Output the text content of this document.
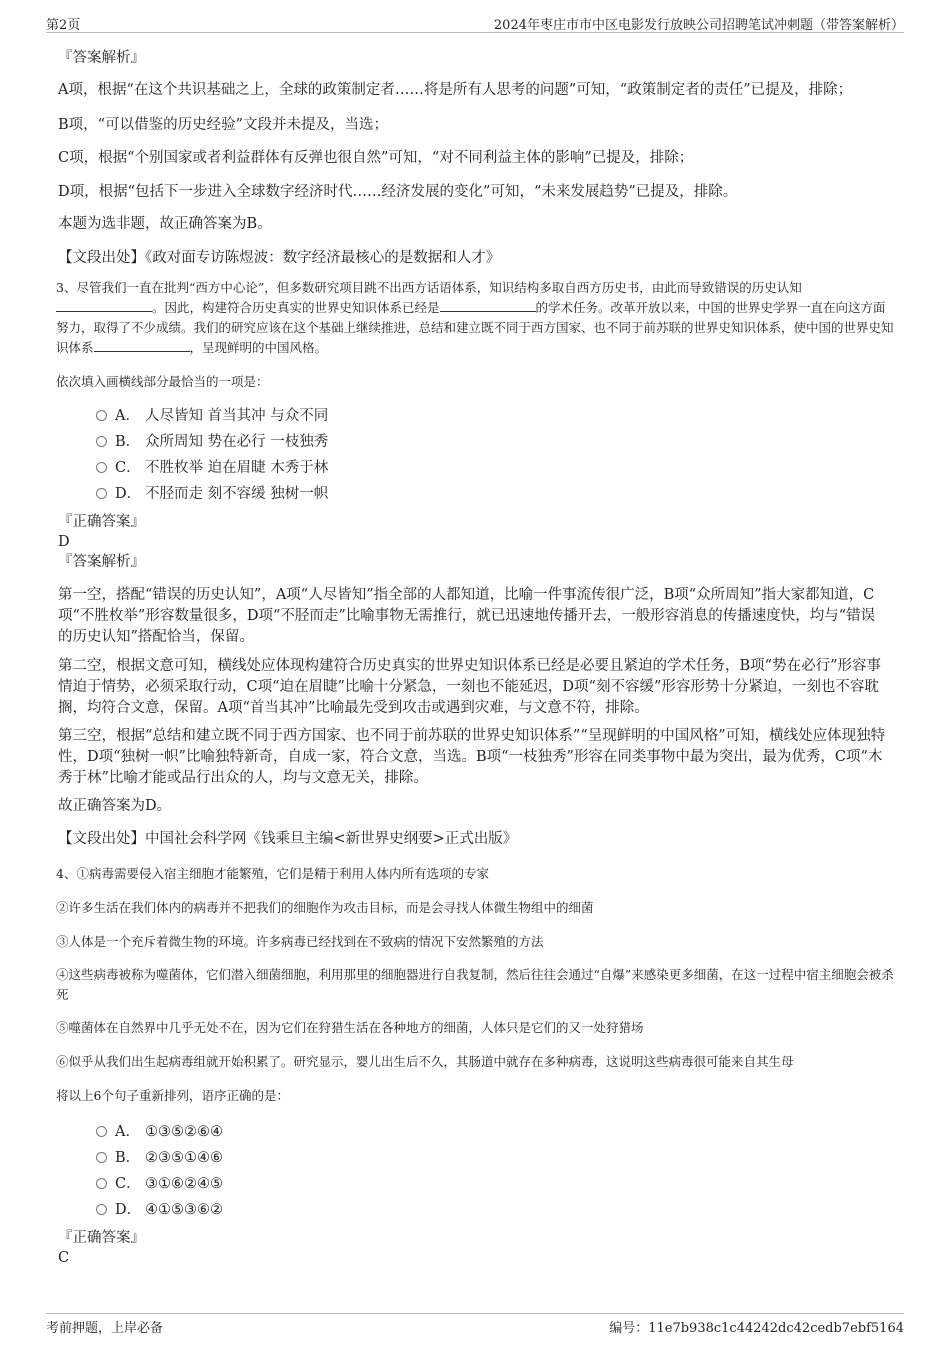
第2页	2024年枣庄市市中区电影发行放映公司招聘笔试冲刺题（带答案解析）
『答案解析』
A项，根据“在这个共识基础之上，全球的政策制定者……将是所有人思考的问题”可知，“政策制定者的责任”已提及，排除；
B项，“可以借鉴的历史经验”文段并未提及，当选；
C项，根据“个别国家或者利益群体有反弹也很自然”可知，“对不同利益主体的影响”已提及，排除；
D项，根据“包括下一步进入全球数字经济时代……经济发展的变化”可知，“未来发展趋势”已提及，排除。
本题为选非题，故正确答案为B。
【文段出处】《政对面专访陈煜波：数字经济最核心的是数据和人才》
3、尽管我们一直在批判“西方中心论”，但多数研究项目跳不出西方话语体系，知识结构多取自西方历史书，由此而导致错误的历史认知。因此，构建符合历史真实的世界史知识体系已经是	的学术任务。改革开放以来，中国的世界史学界一直在向这方面努力，取得了不少成绩。我们的研究应该在这个基础上继续推进，总结和建立既不同于西方国家、也不同于前苏联的世界史知识体系，使中国的世界史知识体系	，呈现鲜明的中国风格。
依次填入画横线部分最恰当的一项是：
A． 人尽皆知 首当其冲 与众不同
B． 众所周知 势在必行 一枝独秀
C． 不胜枚举 迫在眉睫 木秀于林
D． 不胫而走 刻不容缓 独树一帜
『正确答案』
D
『答案解析』
第一空，搭配“错误的历史认知”，A项“人尽皆知”指全部的人都知道，比喻一件事流传很广泛，B项“众所周知”指大家都知道，C项“不胜枚举”形容数量很多，D项“不胫而走”比喻事物无需推行，就已迅速地传播开去，一般形容消息的传播速度快，均与“错误的历史认知”搭配恰当，保留。
第二空，根据文意可知，横线处应体现构建符合历史真实的世界史知识体系已经是必要且紧迫的学术任务，B项“势在必行”形容事情迫于情势，必须采取行动，C项“迫在眉睫”比喻十分紧急，一刻也不能延迟，D项“刻不容缓”形容形势十分紧迫，一刻也不容耽搁，均符合文意，保留。A项“首当其冲”比喻最先受到攻击或遇到灾难，与文意不符，排除。
第三空，根据“总结和建立既不同于西方国家、也不同于前苏联的世界史知识体系”“呈现鲜明的中国风格”可知，横线处应体现独特性，D项“独树一帜”比喻独特新奇，自成一家，符合文意，当选。B项“一枝独秀”形容在同类事物中最为突出，最为优秀，C项“木秀于林”比喻才能或品行出众的人，均与文意无关，排除。
故正确答案为D。
【文段出处】中国社会科学网《钱乘旦主编<新世界史纲要>正式出版》
4、①病毒需要侵入宿主细胞才能繁殖，它们是精于利用人体内所有选项的专家
②许多生活在我们体内的病毒并不把我们的细胞作为攻击目标，而是会寻找人体微生物组中的细菌
③人体是一个充斥着微生物的环境。许多病毒已经找到在不致病的情况下安然繁殖的方法
④这些病毒被称为噬菌体，它们潜入细菌细胞，利用那里的细胞器进行自我复制，然后往往会通过“自爆”来感染更多细菌，在这一过程中宿主细胞会被杀死
⑤噬菌体在自然界中几乎无处不在，因为它们在狩猎生活在各种地方的细菌，人体只是它们的又一处狩猎场
⑥似乎从我们出生起病毒组就开始积累了。研究显示，婴儿出生后不久，其肠道中就存在多种病毒，这说明这些病毒很可能来自其生母
将以上6个句子重新排列，语序正确的是：
A． ①③⑤②⑥④
B． ②③⑤①④⑥
C． ③①⑥②④⑤
D． ④①⑤③⑥②
『正确答案』
C
考前押题，上岸必备	编号：11e7b938c1c44242dc42cedb7ebf5164
